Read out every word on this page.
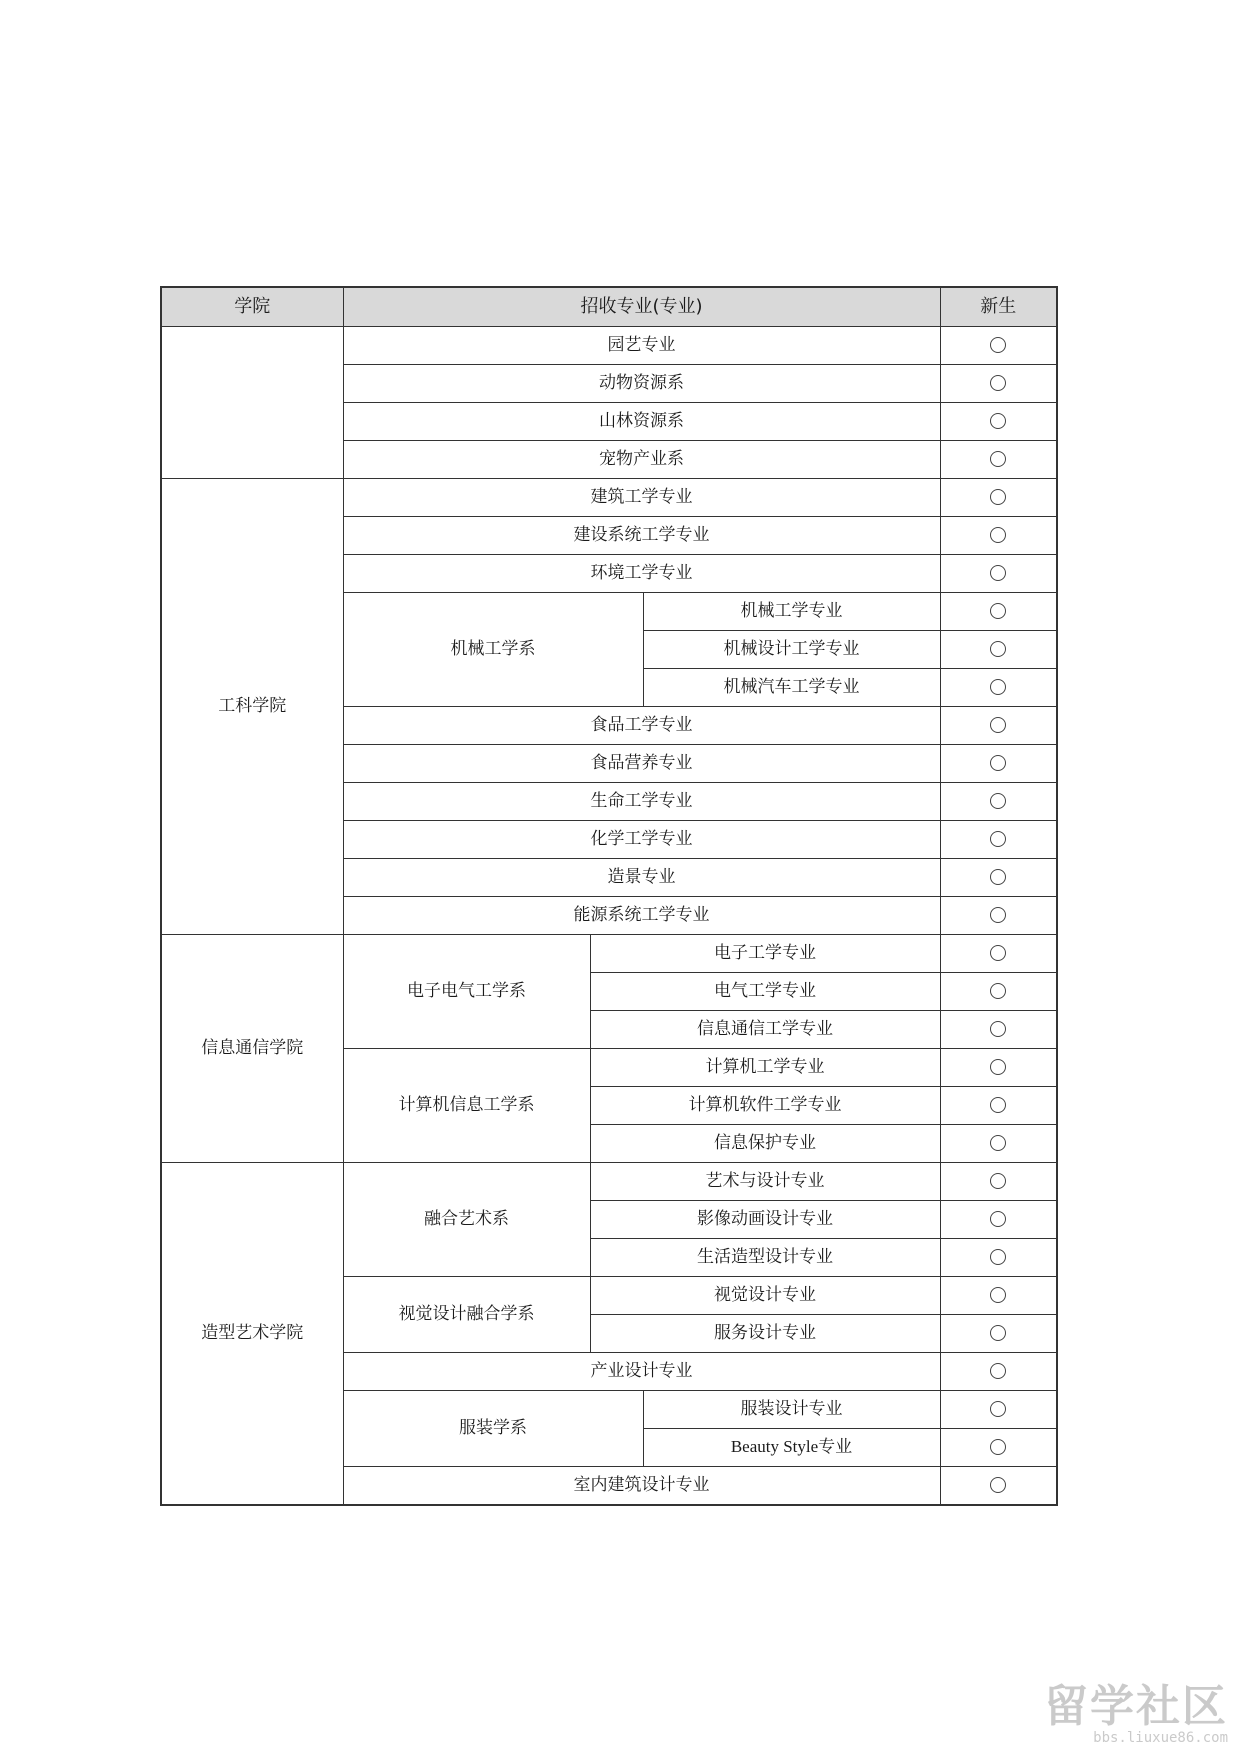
学院	招收专业(专业)			新生
	园艺专业			
	动物资源系			
	山林资源系			
	宠物产业系			
工科学院	建筑工学专业			
	建设系统工学专业			
	环境工学专业			
	机械工学系		机械工学专业	
			机械设计工学专业	
			机械汽车工学专业	
	食品工学专业			
	食品营养专业			
	生命工学专业			
	化学工学专业			
	造景专业			
	能源系统工学专业			
信息通信学院	电子电气工学系	电子工学专业		
		电气工学专业		
		信息通信工学专业		
	计算机信息工学系	计算机工学专业		
		计算机软件工学专业		
		信息保护专业		
造型艺术学院	融合艺术系	艺术与设计专业		
		影像动画设计专业		
		生活造型设计专业		
	视觉设计融合学系	视觉设计专业		
		服务设计专业		
	产业设计专业			
	服装学系		服装设计专业	
			Beauty Style专业	
	室内建筑设计专业			
留学社区
bbs.liuxue86.com
